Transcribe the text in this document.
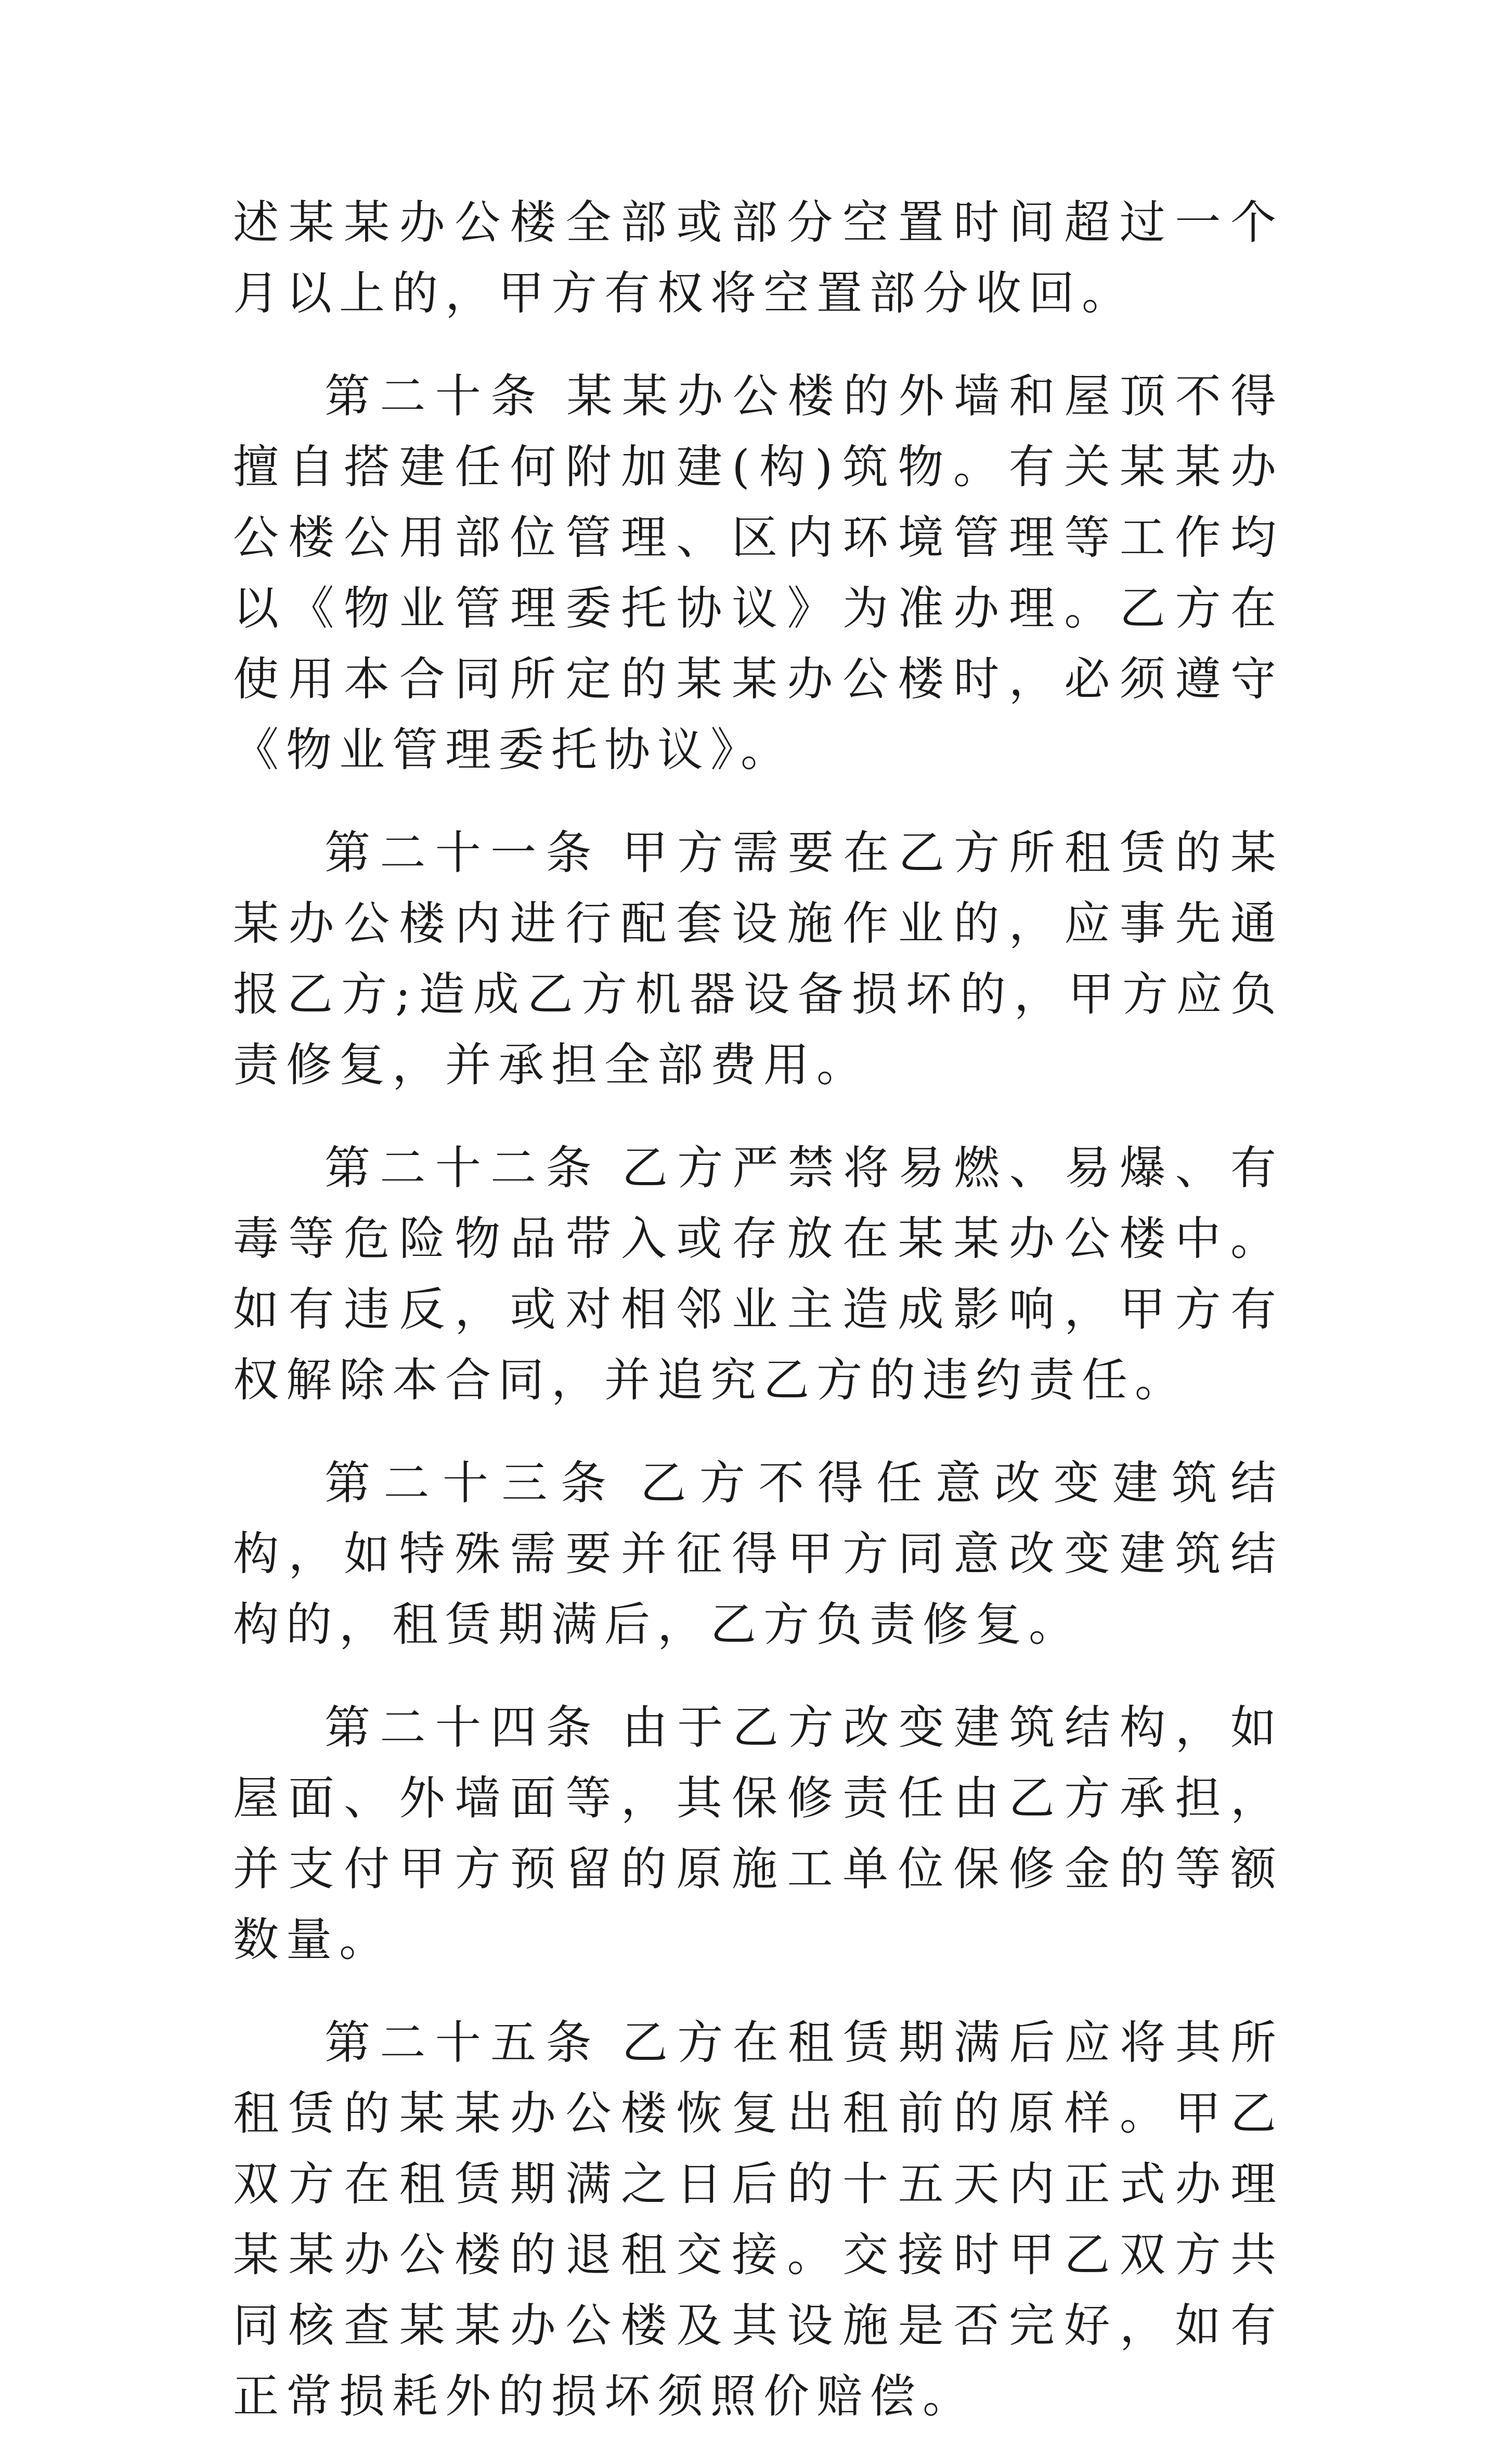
述某某办公楼全部或部分空置时间超过一个月以上的，甲方有权将空置部分收回。

第二十条 某某办公楼的外墙和屋顶不得擅自搭建任何附加建(构)筑物。有关某某办公楼公用部位管理、区内环境管理等工作均以《物业管理委托协议》为准办理。乙方在使用本合同所定的某某办公楼时，必须遵守《物业管理委托协议》。

第二十一条 甲方需要在乙方所租赁的某某办公楼内进行配套设施作业的，应事先通报乙方;造成乙方机器设备损坏的，甲方应负责修复，并承担全部费用。

第二十二条 乙方严禁将易燃、易爆、有毒等危险物品带入或存放在某某办公楼中。如有违反，或对相邻业主造成影响，甲方有权解除本合同，并追究乙方的违约责任。

第二十三条 乙方不得任意改变建筑结构，如特殊需要并征得甲方同意改变建筑结构的，租赁期满后，乙方负责修复。

第二十四条 由于乙方改变建筑结构，如屋面、外墙面等，其保修责任由乙方承担，并支付甲方预留的原施工单位保修金的等额数量。

第二十五条 乙方在租赁期满后应将其所租赁的某某办公楼恢复出租前的原样。甲乙双方在租赁期满之日后的十五天内正式办理某某办公楼的退租交接。交接时甲乙双方共同核查某某办公楼及其设施是否完好，如有正常损耗外的损坏须照价赔偿。
